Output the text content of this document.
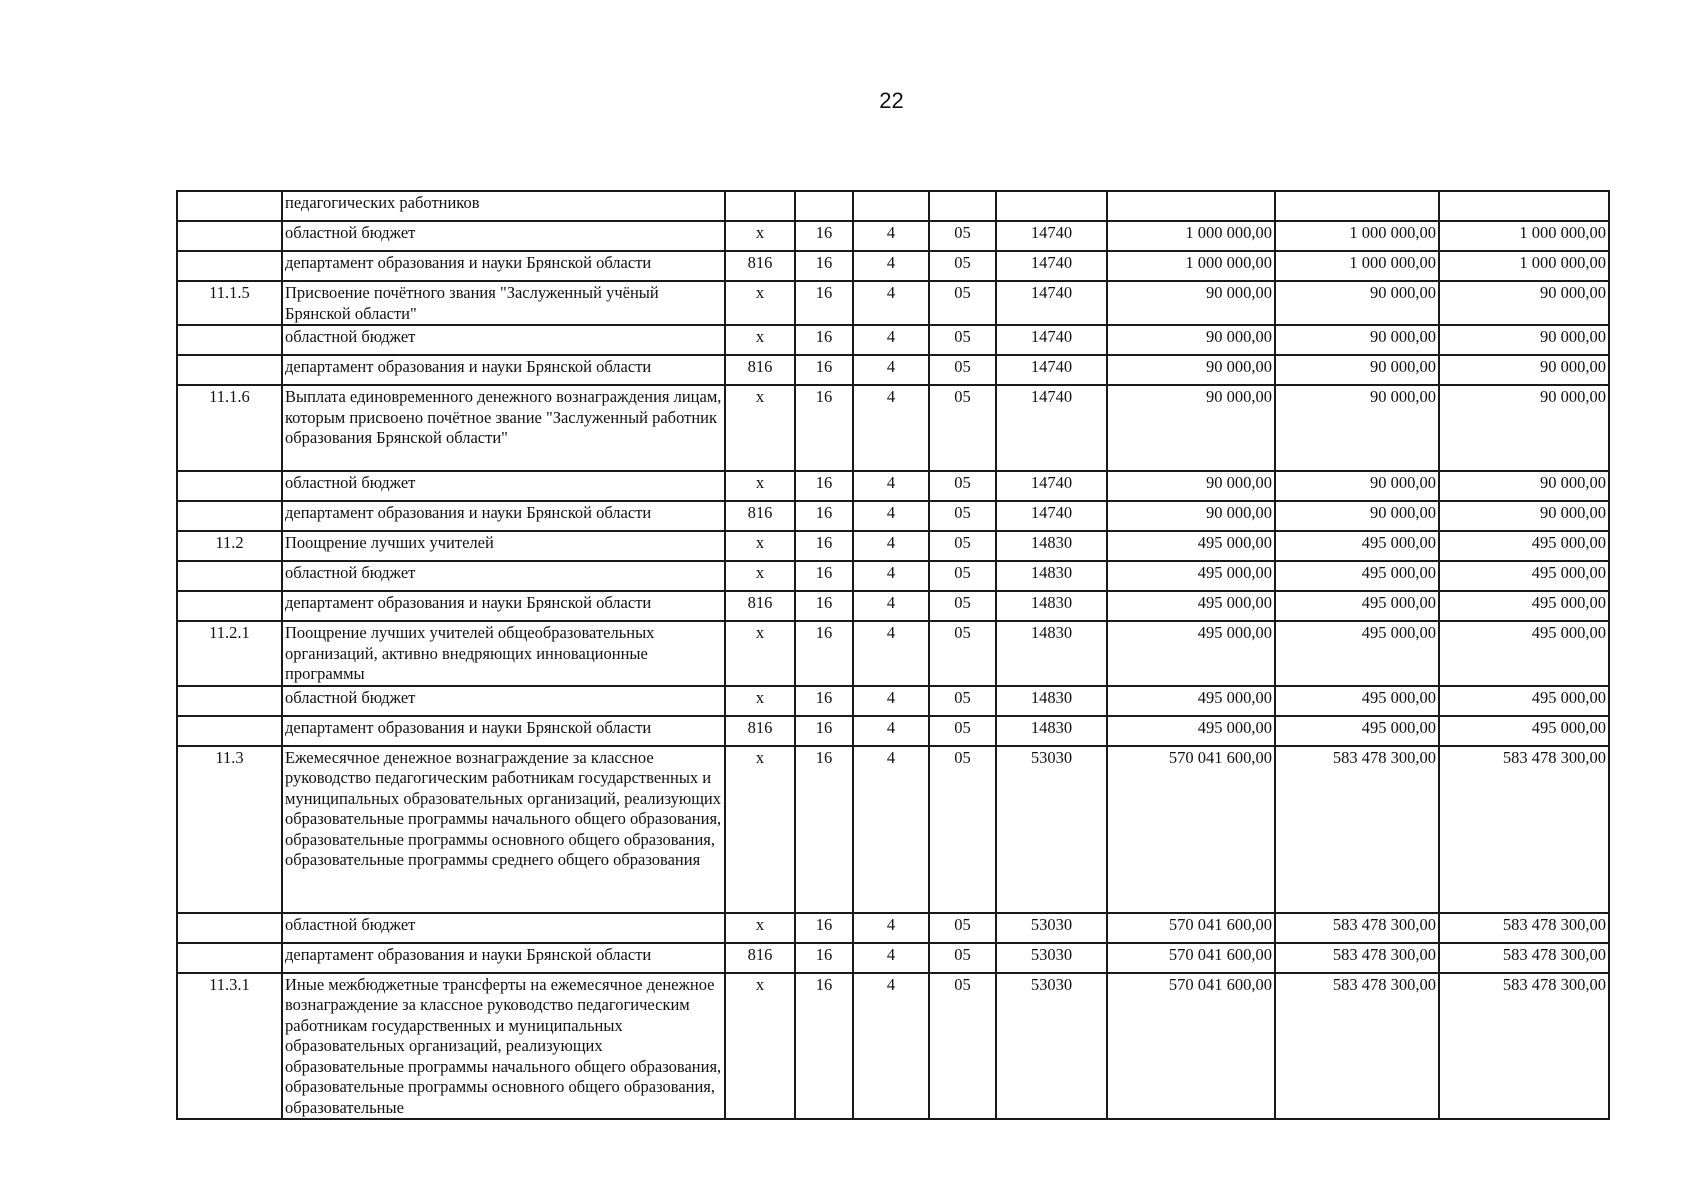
22
	педагогических работников								
	областной бюджет	х	16	4	05	14740	1 000 000,00	1 000 000,00	1 000 000,00
	департамент образования и науки Брянской области	816	16	4	05	14740	1 000 000,00	1 000 000,00	1 000 000,00
11.1.5	Присвоение почётного звания "Заслуженный учёный Брянской области"	х	16	4	05	14740	90 000,00	90 000,00	90 000,00
	областной бюджет	х	16	4	05	14740	90 000,00	90 000,00	90 000,00
	департамент образования и науки Брянской области	816	16	4	05	14740	90 000,00	90 000,00	90 000,00
11.1.6	Выплата единовременного денежного вознаграждения лицам, которым присвоено почётное звание "Заслуженный работник образования Брянской области"	х	16	4	05	14740	90 000,00	90 000,00	90 000,00
	областной бюджет	х	16	4	05	14740	90 000,00	90 000,00	90 000,00
	департамент образования и науки Брянской области	816	16	4	05	14740	90 000,00	90 000,00	90 000,00
11.2	Поощрение лучших учителей	х	16	4	05	14830	495 000,00	495 000,00	495 000,00
	областной бюджет	х	16	4	05	14830	495 000,00	495 000,00	495 000,00
	департамент образования и науки Брянской области	816	16	4	05	14830	495 000,00	495 000,00	495 000,00
11.2.1	Поощрение лучших учителей общеобразовательных организаций, активно внедряющих инновационные программы	х	16	4	05	14830	495 000,00	495 000,00	495 000,00
	областной бюджет	х	16	4	05	14830	495 000,00	495 000,00	495 000,00
	департамент образования и науки Брянской области	816	16	4	05	14830	495 000,00	495 000,00	495 000,00
11.3	Ежемесячное денежное вознаграждение за классное руководство педагогическим работникам государственных и муниципальных образовательных организаций, реализующих образовательные программы начального общего образования, образовательные программы основного общего образования, образовательные программы среднего общего образования	х	16	4	05	53030	570 041 600,00	583 478 300,00	583 478 300,00
	областной бюджет	х	16	4	05	53030	570 041 600,00	583 478 300,00	583 478 300,00
	департамент образования и науки Брянской области	816	16	4	05	53030	570 041 600,00	583 478 300,00	583 478 300,00
11.3.1	Иные межбюджетные трансферты на ежемесячное денежное вознаграждение за классное руководство педагогическим работникам государственных и муниципальных образовательных организаций, реализующих образовательные программы начального общего образования, образовательные программы основного общего образования, образовательные	х	16	4	05	53030	570 041 600,00	583 478 300,00	583 478 300,00
